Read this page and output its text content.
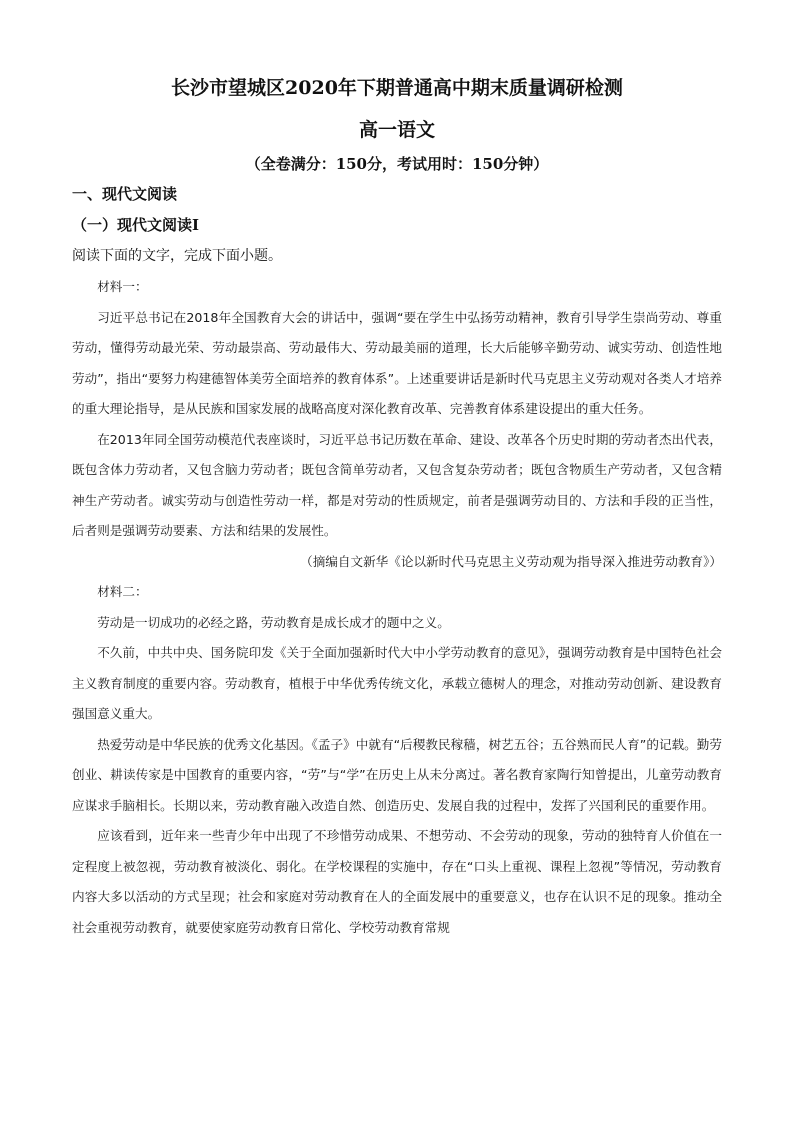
长沙市望城区2020年下期普通高中期末质量调研检测
高一语文
（全卷满分：150分，考试用时：150分钟）
一、现代文阅读
（一）现代文阅读Ⅰ
阅读下面的文字，完成下面小题。

材料一：

习近平总书记在2018年全国教育大会的讲话中，强调“要在学生中弘扬劳动精神，教育引导学生崇尚劳动、尊重劳动，懂得劳动最光荣、劳动最崇高、劳动最伟大、劳动最美丽的道理，长大后能够辛勤劳动、诚实劳动、创造性地劳动”，指出“要努力构建德智体美劳全面培养的教育体系”。上述重要讲话是新时代马克思主义劳动观对各类人才培养的重大理论指导，是从民族和国家发展的战略高度对深化教育改革、完善教育体系建设提出的重大任务。

在2013年同全国劳动模范代表座谈时，习近平总书记历数在革命、建设、改革各个历史时期的劳动者杰出代表，既包含体力劳动者，又包含脑力劳动者；既包含简单劳动者，又包含复杂劳动者；既包含物质生产劳动者，又包含精神生产劳动者。诚实劳动与创造性劳动一样，都是对劳动的性质规定，前者是强调劳动目的、方法和手段的正当性，后者则是强调劳动要素、方法和结果的发展性。

（摘编自文新华《论以新时代马克思主义劳动观为指导深入推进劳动教育》）

材料二：

劳动是一切成功的必经之路，劳动教育是成长成才的题中之义。

不久前，中共中央、国务院印发《关于全面加强新时代大中小学劳动教育的意见》，强调劳动教育是中国特色社会主义教育制度的重要内容。劳动教育，植根于中华优秀传统文化，承载立德树人的理念，对推动劳动创新、建设教育强国意义重大。

热爱劳动是中华民族的优秀文化基因。《孟子》中就有“后稷教民稼穑，树艺五谷；五谷熟而民人育”的记载。勤劳创业、耕读传家是中国教育的重要内容，“劳”与“学”在历史上从未分离过。著名教育家陶行知曾提出，儿童劳动教育应谋求手脑相长。长期以来，劳动教育融入改造自然、创造历史、发展自我的过程中，发挥了兴国利民的重要作用。

应该看到，近年来一些青少年中出现了不珍惜劳动成果、不想劳动、不会劳动的现象，劳动的独特育人价值在一定程度上被忽视，劳动教育被淡化、弱化。在学校课程的实施中，存在“口头上重视、课程上忽视”等情况，劳动教育内容大多以活动的方式呈现；社会和家庭对劳动教育在人的全面发展中的重要意义，也存在认识不足的现象。推动全社会重视劳动教育，就要使家庭劳动教育日常化、学校劳动教育常规
